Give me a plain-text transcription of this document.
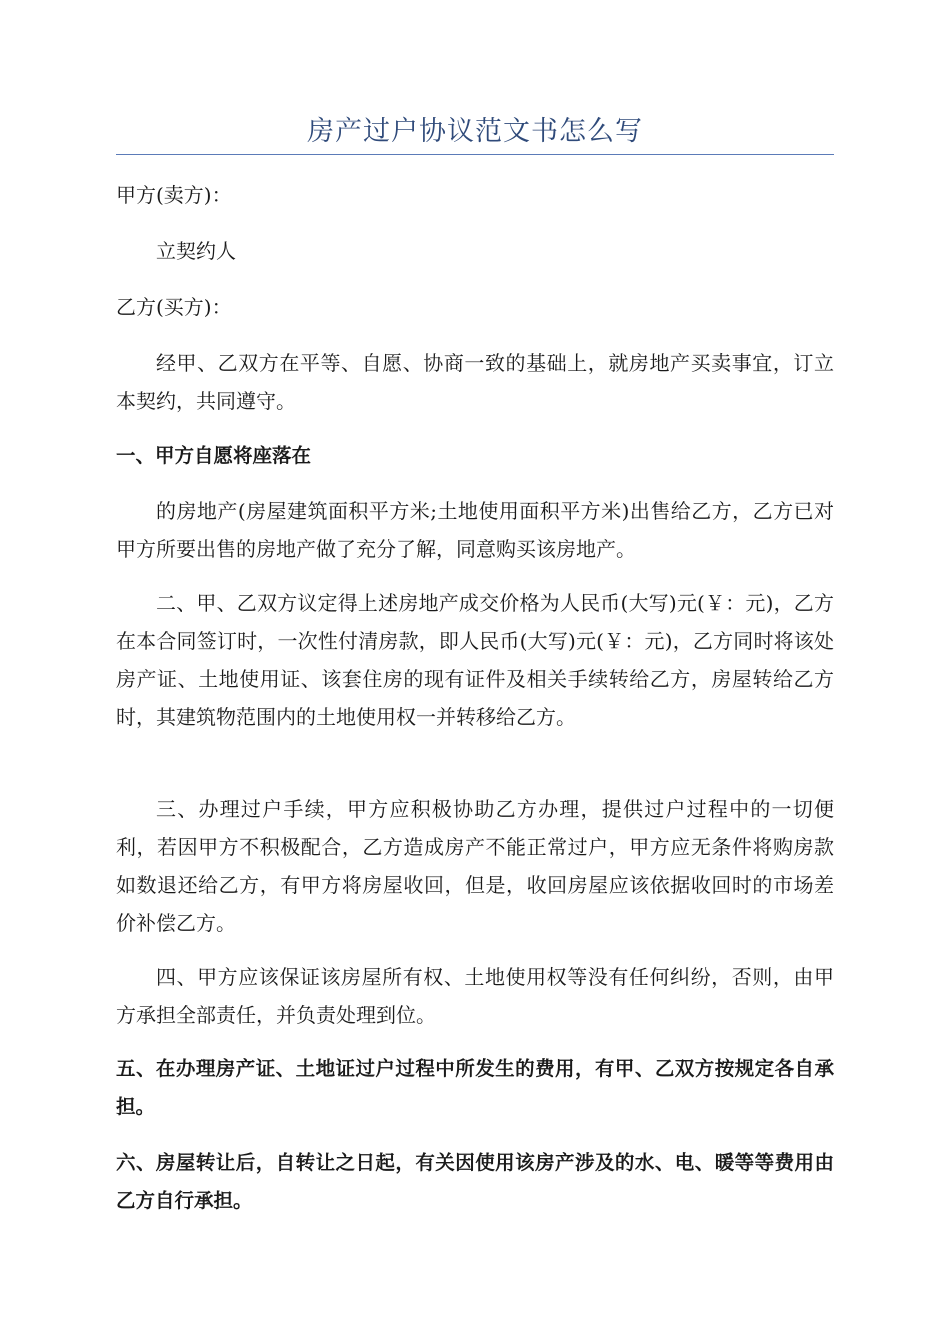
房产过户协议范文书怎么写
甲方(卖方)：
立契约人
乙方(买方)：
经甲、乙双方在平等、自愿、协商一致的基础上，就房地产买卖事宜，订立本契约，共同遵守。
一、甲方自愿将座落在
的房地产(房屋建筑面积平方米;土地使用面积平方米)出售给乙方，乙方已对甲方所要出售的房地产做了充分了解，同意购买该房地产。
二、甲、乙双方议定得上述房地产成交价格为人民币(大写)元(￥：元)，乙方在本合同签订时，一次性付清房款，即人民币(大写)元(￥：元)，乙方同时将该处房产证、土地使用证、该套住房的现有证件及相关手续转给乙方，房屋转给乙方时，其建筑物范围内的土地使用权一并转移给乙方。
三、办理过户手续，甲方应积极协助乙方办理，提供过户过程中的一切便利，若因甲方不积极配合，乙方造成房产不能正常过户，甲方应无条件将购房款如数退还给乙方，有甲方将房屋收回，但是，收回房屋应该依据收回时的市场差价补偿乙方。
四、甲方应该保证该房屋所有权、土地使用权等没有任何纠纷，否则，由甲方承担全部责任，并负责处理到位。
五、在办理房产证、土地证过户过程中所发生的费用，有甲、乙双方按规定各自承担。
六、房屋转让后，自转让之日起，有关因使用该房产涉及的水、电、暖等等费用由乙方自行承担。
